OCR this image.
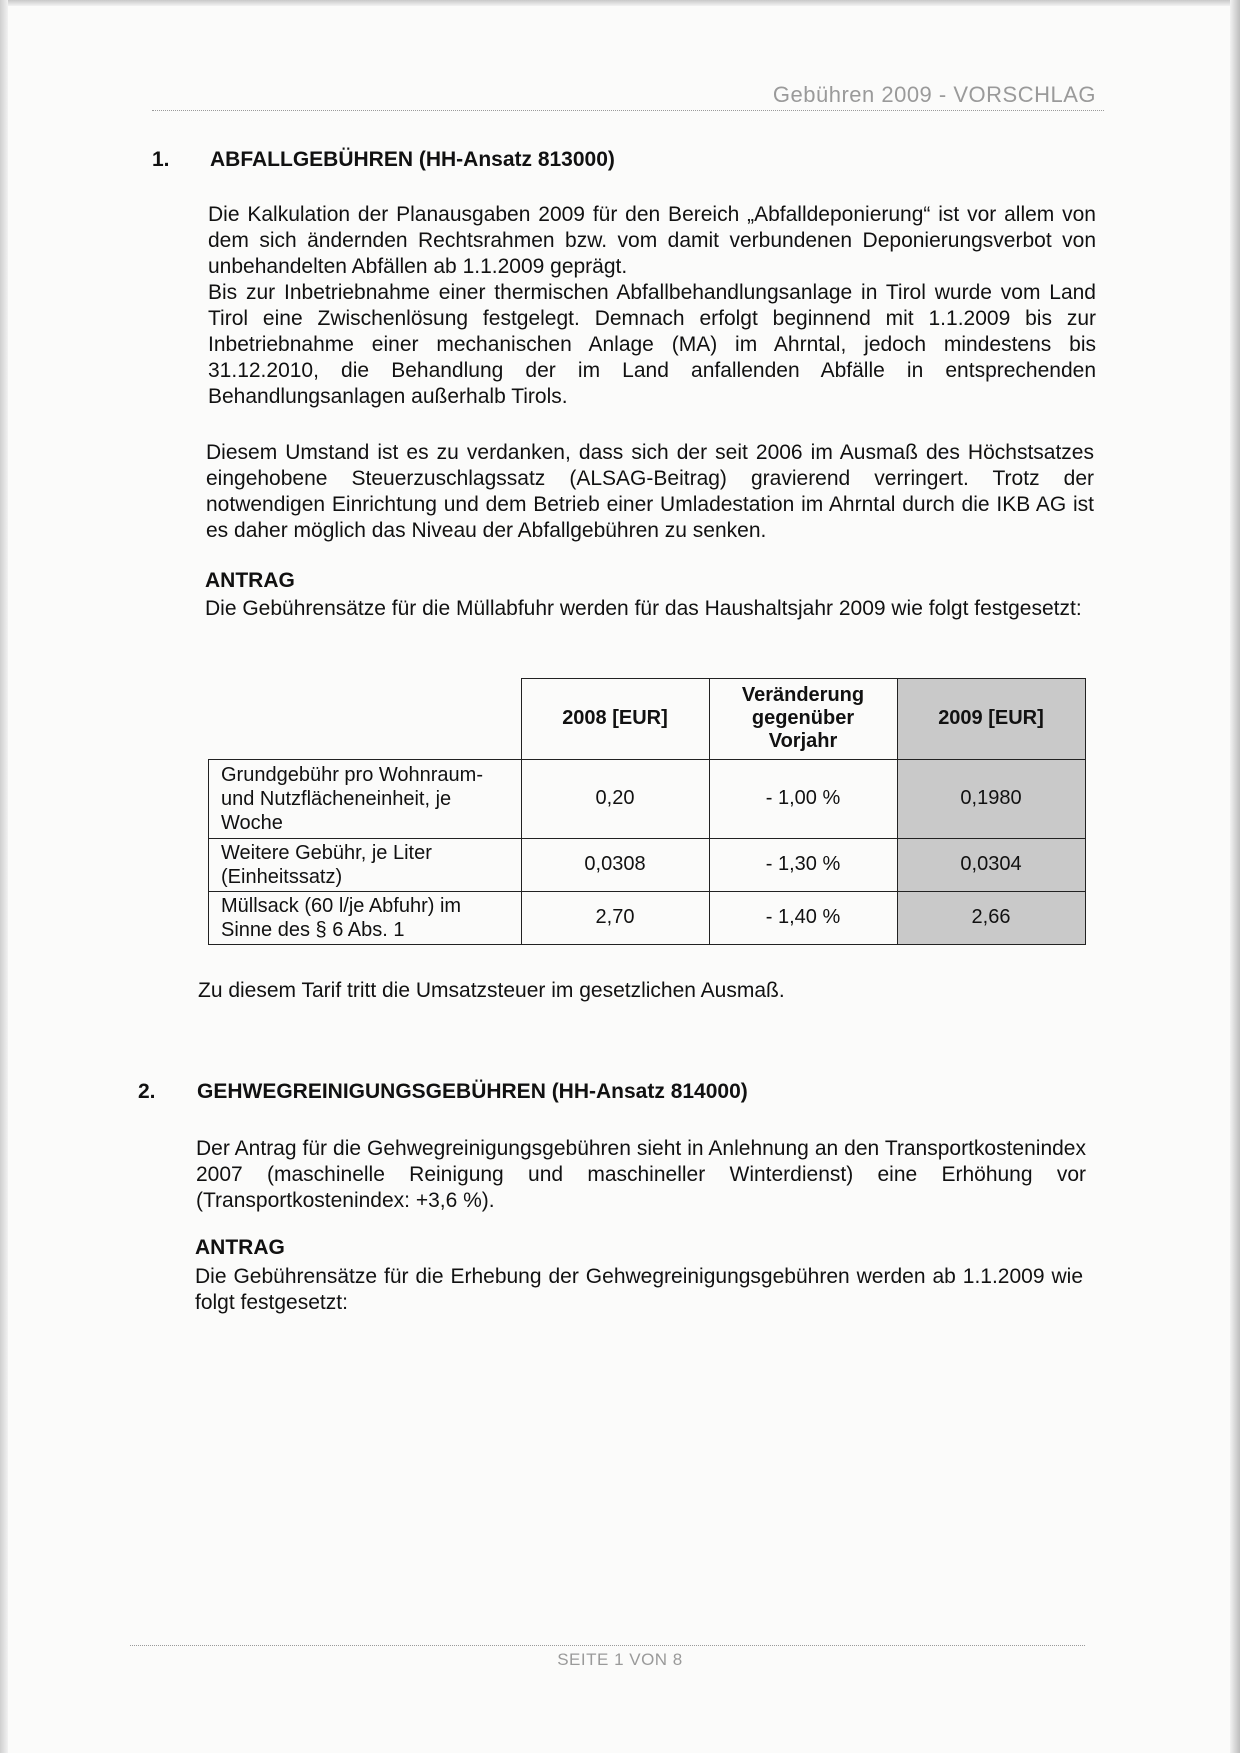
Gebühren 2009 - VORSCHLAG
1. ABFALLGEBÜHREN (HH-Ansatz 813000)
Die Kalkulation der Planausgaben 2009 für den Bereich „Abfalldeponierung“ ist vor allem von dem sich ändernden Rechtsrahmen bzw. vom damit verbundenen Deponierungsverbot von unbehandelten Abfällen ab 1.1.2009 geprägt.
Bis zur Inbetriebnahme einer thermischen Abfallbehandlungsanlage in Tirol wurde vom Land Tirol eine Zwischenlösung festgelegt. Demnach erfolgt beginnend mit 1.1.2009 bis zur Inbetriebnahme einer mechanischen Anlage (MA) im Ahrntal, jedoch mindestens bis 31.12.2010, die Behandlung der im Land anfallenden Abfälle in entsprechenden Behandlungsanlagen außerhalb Tirols.
Diesem Umstand ist es zu verdanken, dass sich der seit 2006 im Ausmaß des Höchstsatzes eingehobene Steuerzuschlagssatz (ALSAG-Beitrag) gravierend verringert. Trotz der notwendigen Einrichtung und dem Betrieb einer Umladestation im Ahrntal durch die IKB AG ist es daher möglich das Niveau der Abfallgebühren zu senken.
ANTRAG
Die Gebührensätze für die Müllabfuhr werden für das Haushaltsjahr 2009 wie folgt festgesetzt:
	2008 [EUR]	Veränderung gegenüber Vorjahr	2009 [EUR]
Grundgebühr pro Wohnraum- und Nutzflächeneinheit, je Woche	0,20	- 1,00 %	0,1980
Weitere Gebühr, je Liter (Einheitssatz)	0,0308	- 1,30 %	0,0304
Müllsack (60 l/je Abfuhr) im Sinne des § 6 Abs. 1	2,70	- 1,40 %	2,66
Zu diesem Tarif tritt die Umsatzsteuer im gesetzlichen Ausmaß.
2. GEHWEGREINIGUNGSGEBÜHREN (HH-Ansatz 814000)
Der Antrag für die Gehwegreinigungsgebühren sieht in Anlehnung an den Transportkostenindex 2007 (maschinelle Reinigung und maschineller Winterdienst) eine Erhöhung vor (Transportkostenindex: +3,6 %).
ANTRAG
Die Gebührensätze für die Erhebung der Gehwegreinigungsgebühren werden ab 1.1.2009 wie folgt festgesetzt:
SEITE 1 VON 8
